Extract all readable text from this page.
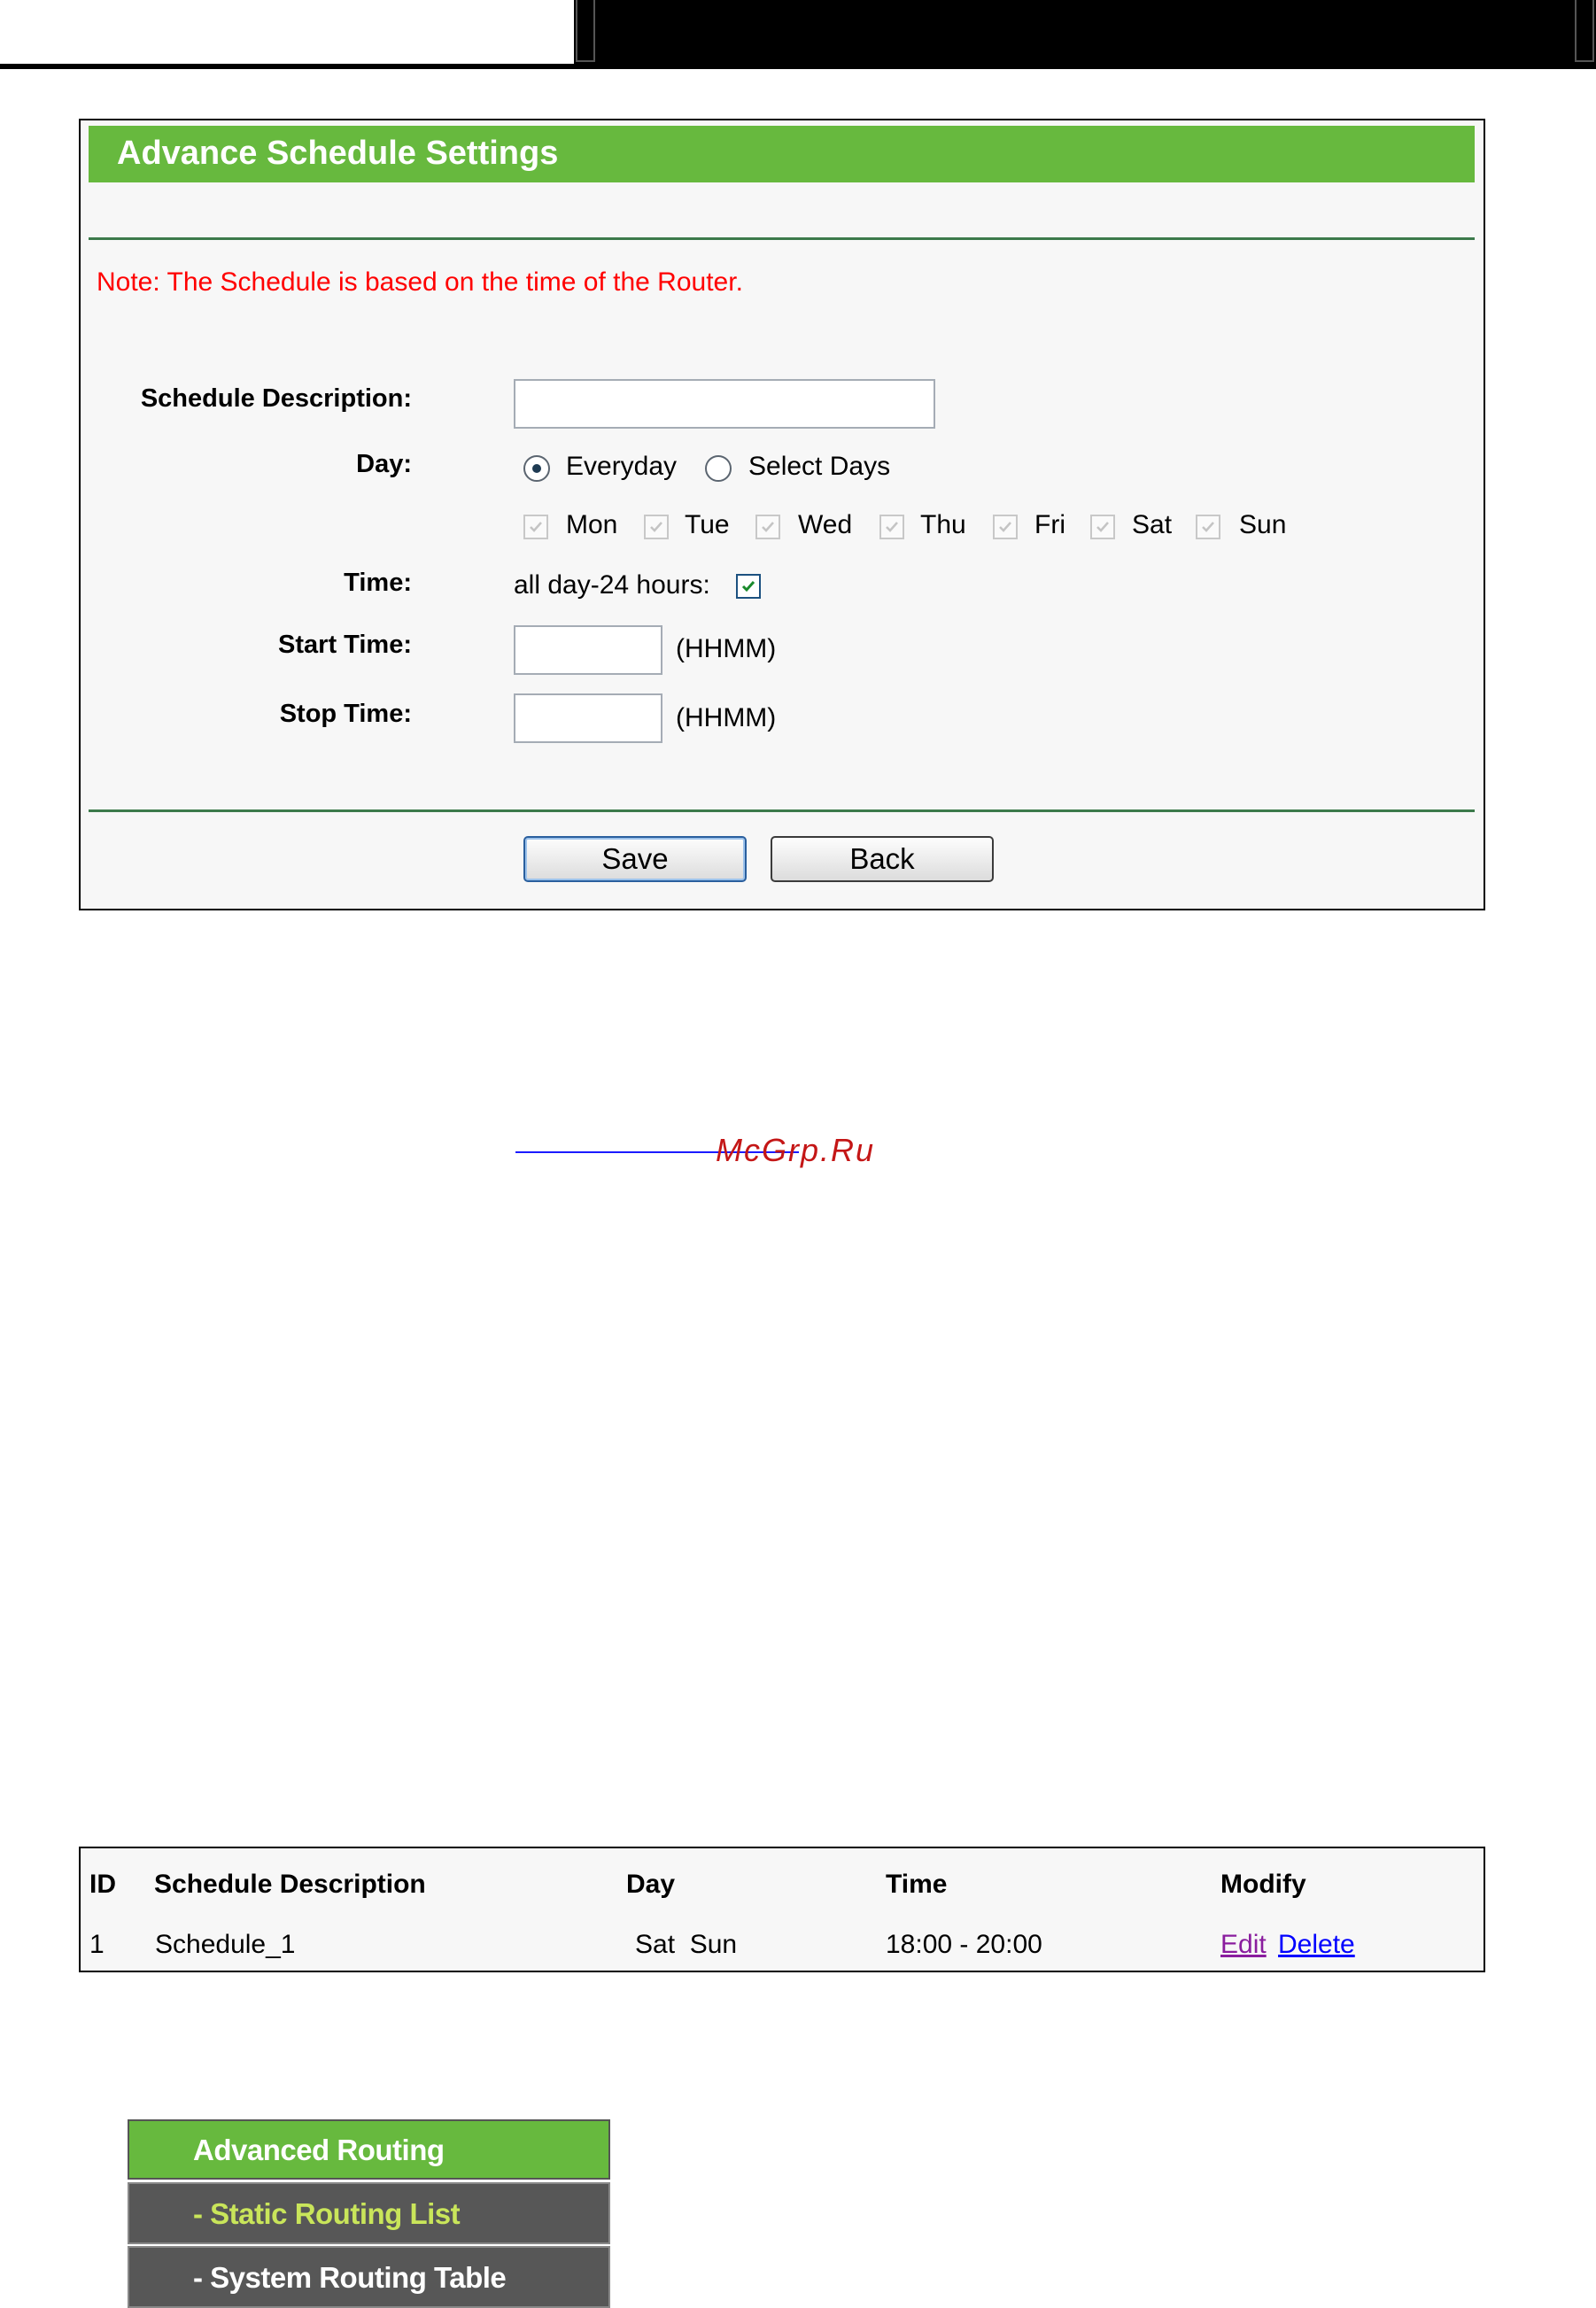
Advance Schedule Settings
Note: The Schedule is based on the time of the Router.
Schedule Description:
Day:	Everyday	Select Days
Mon	Tue	Wed	Thu	Fri	Sat	Sun
Time:	all day-24 hours:
Start Time:	(HHMM)
Stop Time:	(HHMM)
Save	Back
McGrp.Ru
ID Schedule Description	Day	Time	Modify
1 Schedule_1	Sat  Sun	18:00 - 20:00	Edit Delete
Advanced Routing
- Static Routing List
- System Routing Table
